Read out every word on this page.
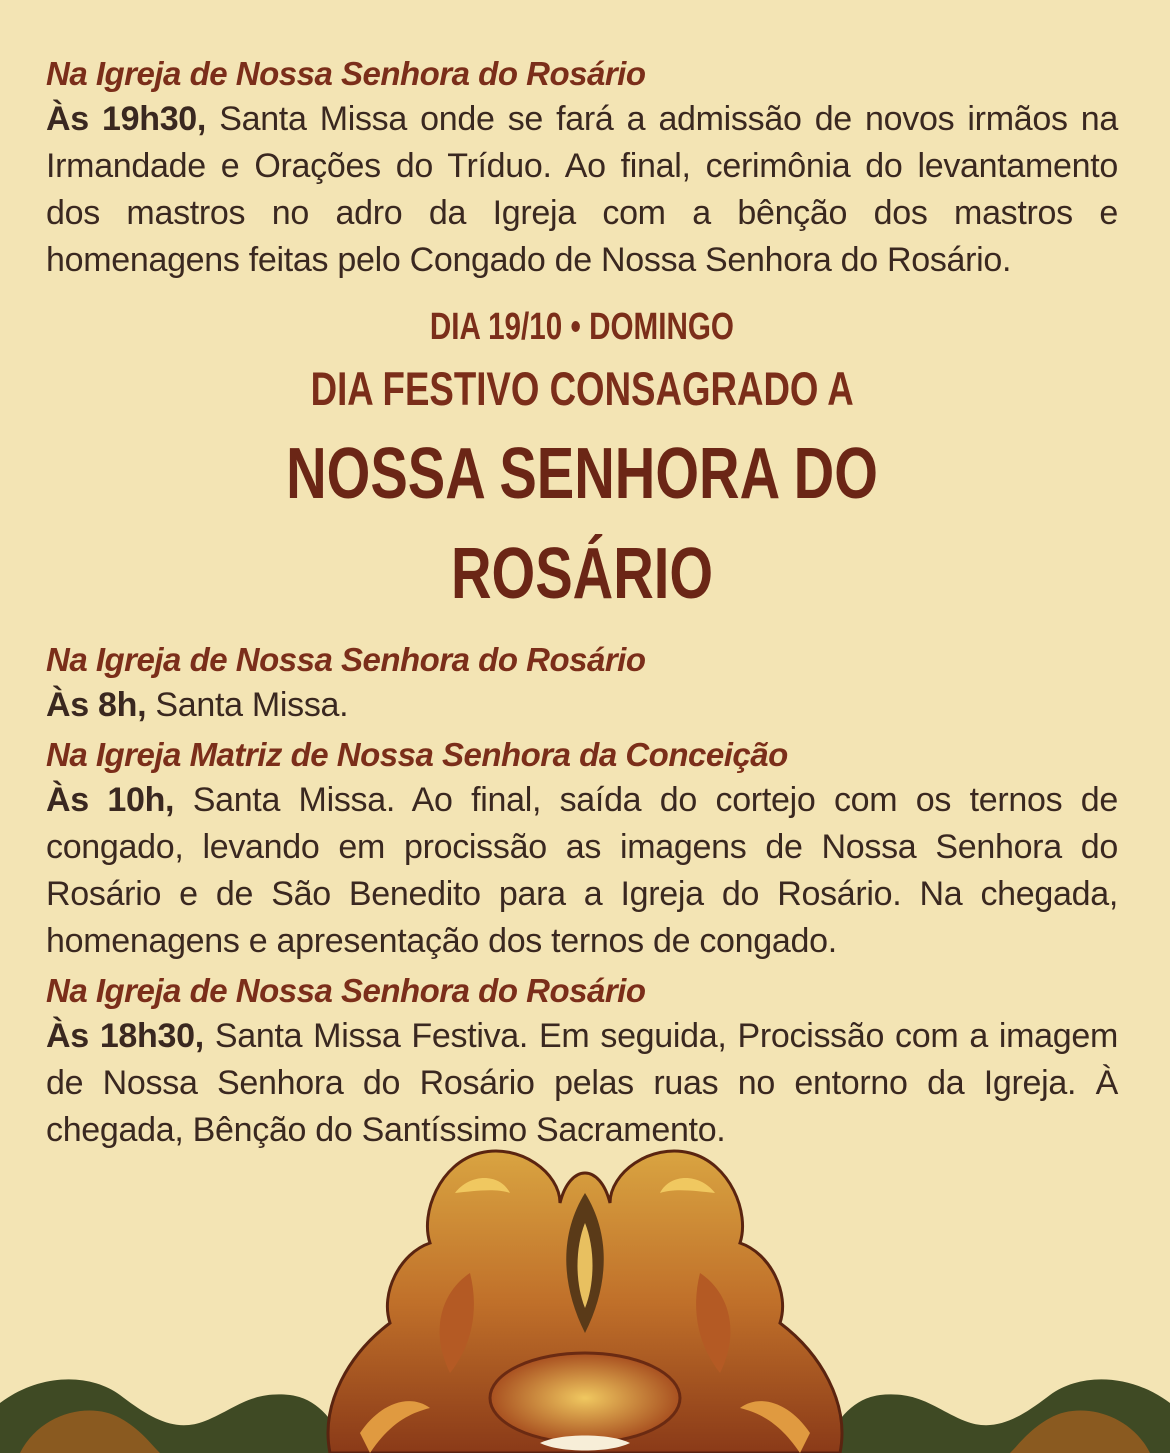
Na Igreja de Nossa Senhora do Rosário

Às 19h30, Santa Missa onde se fará a admissão de novos irmãos na Irmandade e Orações do Tríduo. Ao final, cerimônia do levantamento dos mastros no adro da Igreja com a bênção dos mastros e homenagens feitas pelo Congado de Nossa Senhora do Rosário.

DIA 19/10 • DOMINGO
DIA FESTIVO CONSAGRADO A
NOSSA SENHORA DO ROSÁRIO

Na Igreja de Nossa Senhora do Rosário

Às 8h, Santa Missa.

Na Igreja Matriz de Nossa Senhora da Conceição

Às 10h, Santa Missa. Ao final, saída do cortejo com os ternos de congado, levando em procissão as imagens de Nossa Senhora do Rosário e de São Benedito para a Igreja do Rosário. Na chegada, homenagens e apresentação dos ternos de congado.

Na Igreja de Nossa Senhora do Rosário

Às 18h30, Santa Missa Festiva. Em seguida, Procissão com a imagem de Nossa Senhora do Rosário pelas ruas no entorno da Igreja. À chegada, Bênção do Santíssimo Sacramento.
